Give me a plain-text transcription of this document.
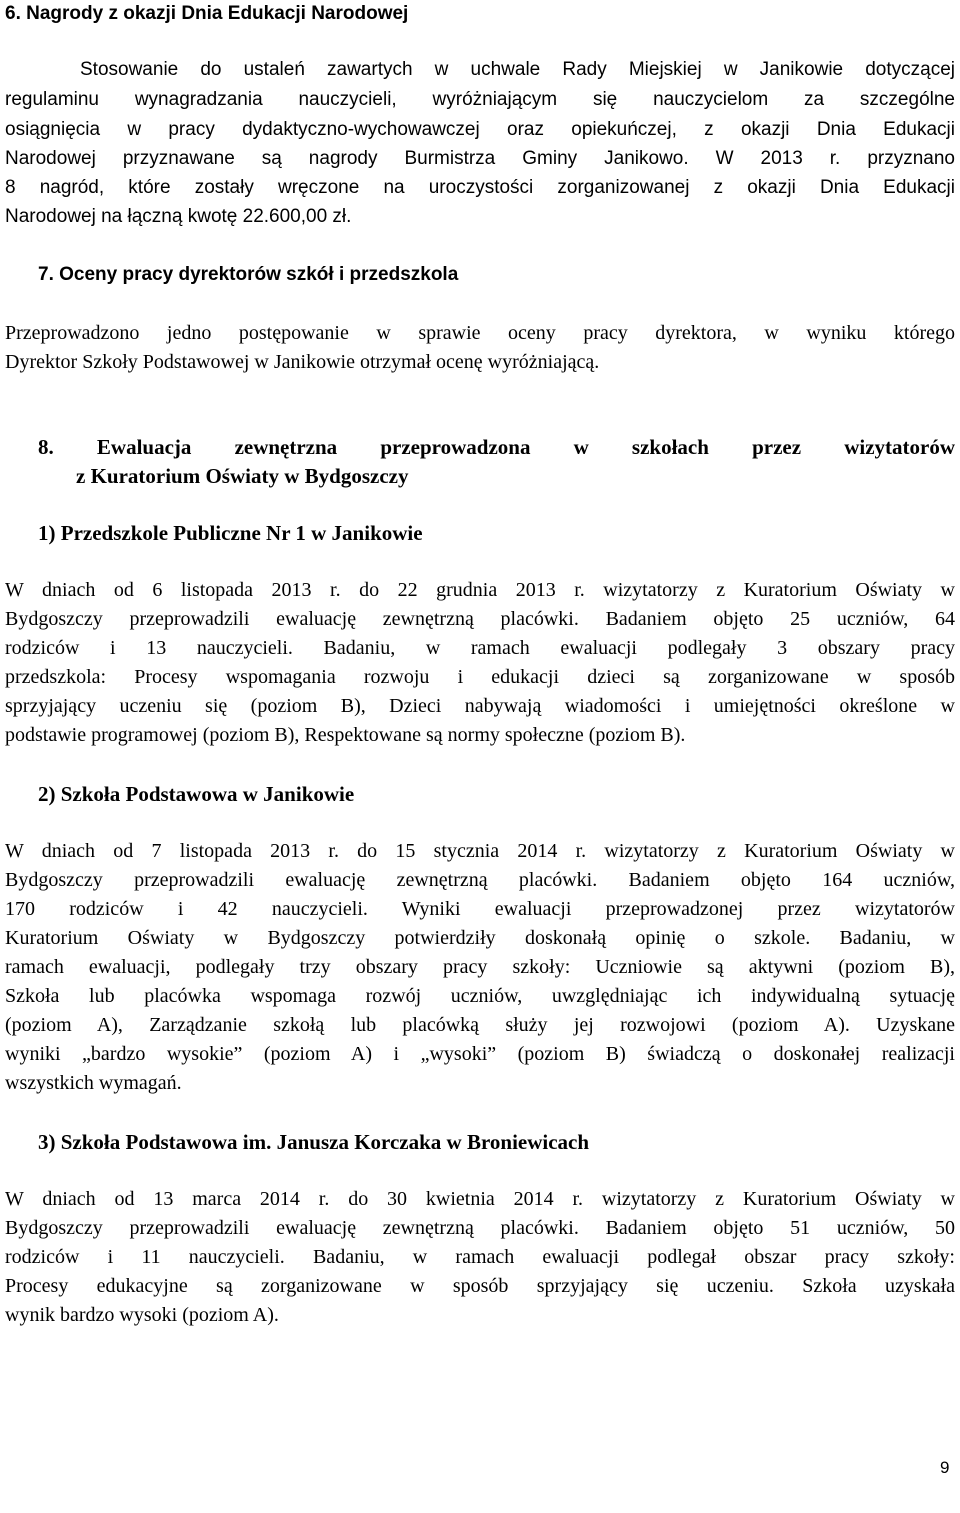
6. Nagrody z okazji Dnia Edukacji Narodowej
Stosowanie do ustaleń zawartych w uchwale Rady Miejskiej w Janikowie dotyczącej
regulaminu wynagradzania nauczycieli, wyróżniającym się nauczycielom za szczególne
osiągnięcia w pracy dydaktyczno-wychowawczej oraz opiekuńczej, z okazji Dnia Edukacji
Narodowej przyznawane są nagrody Burmistrza Gminy Janikowo. W 2013 r. przyznano
8 nagród, które zostały wręczone na uroczystości zorganizowanej z okazji Dnia Edukacji
Narodowej na łączną kwotę 22.600,00 zł.
7. Oceny pracy dyrektorów szkół i przedszkola
Przeprowadzono jedno postępowanie w sprawie oceny pracy dyrektora, w wyniku którego
Dyrektor Szkoły Podstawowej w Janikowie otrzymał ocenę wyróżniającą.
8. Ewaluacja zewnętrzna przeprowadzona w szkołach przez wizytatorów
z Kuratorium Oświaty w Bydgoszczy
1) Przedszkole Publiczne Nr 1 w Janikowie
W dniach od 6 listopada 2013 r. do 22 grudnia 2013 r. wizytatorzy z Kuratorium Oświaty w
Bydgoszczy przeprowadzili ewaluację zewnętrzną placówki. Badaniem objęto 25 uczniów, 64
rodziców i 13 nauczycieli. Badaniu, w ramach ewaluacji podlegały 3 obszary pracy
przedszkola: Procesy wspomagania rozwoju i edukacji dzieci są zorganizowane w sposób
sprzyjający uczeniu się (poziom B), Dzieci nabywają wiadomości i umiejętności określone w
podstawie programowej (poziom B), Respektowane są normy społeczne (poziom B).
2) Szkoła Podstawowa w Janikowie
W dniach od 7 listopada 2013 r. do 15 stycznia 2014 r. wizytatorzy z Kuratorium Oświaty w
Bydgoszczy przeprowadzili ewaluację zewnętrzną placówki. Badaniem objęto 164 uczniów,
170 rodziców i 42 nauczycieli. Wyniki ewaluacji przeprowadzonej przez wizytatorów
Kuratorium Oświaty w Bydgoszczy potwierdziły doskonałą opinię o szkole. Badaniu, w
ramach ewaluacji, podlegały trzy obszary pracy szkoły: Uczniowie są aktywni (poziom B),
Szkoła lub placówka wspomaga rozwój uczniów, uwzględniając ich indywidualną sytuację
(poziom A), Zarządzanie szkołą lub placówką służy jej rozwojowi (poziom A). Uzyskane
wyniki „bardzo wysokie” (poziom A) i „wysoki” (poziom B) świadczą o doskonałej realizacji
wszystkich wymagań.
3) Szkoła Podstawowa im. Janusza Korczaka w Broniewicach
W dniach od 13 marca 2014 r. do 30 kwietnia 2014 r. wizytatorzy z Kuratorium Oświaty w
Bydgoszczy przeprowadzili ewaluację zewnętrzną placówki. Badaniem objęto 51 uczniów, 50
rodziców i 11 nauczycieli. Badaniu, w ramach ewaluacji podlegał obszar pracy szkoły:
Procesy edukacyjne są zorganizowane w sposób sprzyjający się uczeniu. Szkoła uzyskała
wynik bardzo wysoki (poziom A).
9
